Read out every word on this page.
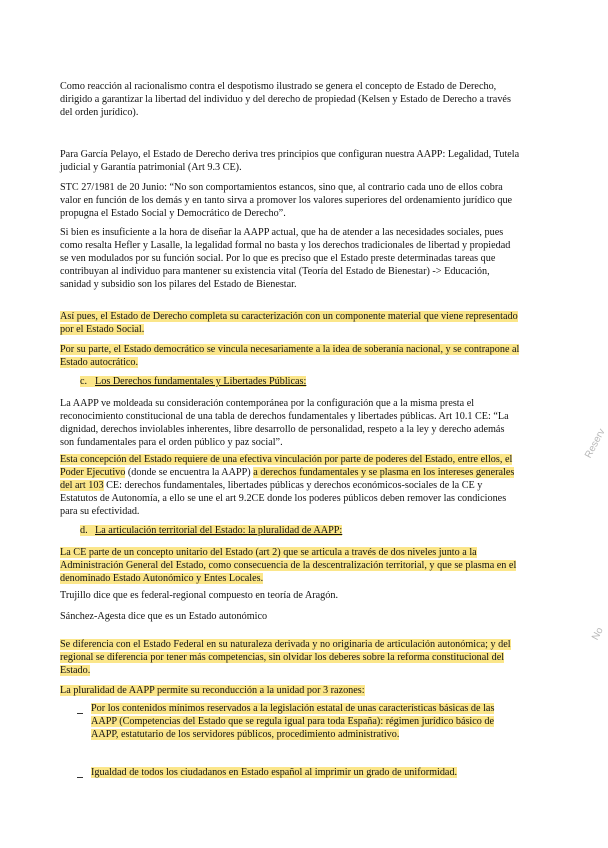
Como reacción al racionalismo contra el despotismo ilustrado se genera el concepto de Estado de Derecho, dirigido a garantizar la libertad del individuo y del derecho de propiedad (Kelsen y Estado de Derecho a través del orden jurídico).

Para García Pelayo, el Estado de Derecho deriva tres principios que configuran nuestra AAPP: Legalidad, Tutela judicial y Garantía patrimonial (Art 9.3 CE).

STC 27/1981 de 20 Junio: “No son comportamientos estancos, sino que, al contrario cada uno de ellos cobra valor en función de los demás y en tanto sirva a promover los valores superiores del ordenamiento jurídico que propugna el Estado Social y Democrático de Derecho”.

Si bien es insuficiente a la hora de diseñar la AAPP actual, que ha de atender a las necesidades sociales, pues como resalta Hefler y Lasalle, la legalidad formal no basta y los derechos tradicionales de libertad y propiedad se ven modulados por su función social. Por lo que es preciso que el Estado preste determinadas tareas que contribuyan al individuo para mantener su existencia vital (Teoría del Estado de Bienestar) -> Educación, sanidad y subsidio son los pilares del Estado de Bienestar.

Así pues, el Estado de Derecho completa su caracterización con un componente material que viene representado por el Estado Social.

Por su parte, el Estado democrático se vincula necesariamente a la idea de soberanía nacional, y se contrapone al Estado autocrático.

c. Los Derechos fundamentales y Libertades Públicas:

La AAPP ve moldeada su consideración contemporánea por la configuración que a la misma presta el reconocimiento constitucional de una tabla de derechos fundamentales y libertades públicas. Art 10.1 CE: “La dignidad, derechos inviolables inherentes, libre desarrollo de personalidad, respeto a la ley y derecho además son fundamentales para el orden público y paz social”.

Esta concepción del Estado requiere de una efectiva vinculación por parte de poderes del Estado, entre ellos, el Poder Ejecutivo (donde se encuentra la AAPP) a derechos fundamentales y se plasma en los intereses generales del art 103 CE: derechos fundamentales, libertades públicas y derechos económicos-sociales de la CE y Estatutos de Autonomía, a ello se une el art 9.2CE donde los poderes públicos deben remover las condiciones para su efectividad.

d. La articulación territorial del Estado: la pluralidad de AAPP:

La CE parte de un concepto unitario del Estado (art 2) que se articula a través de dos niveles junto a la Administración General del Estado, como consecuencia de la descentralización territorial, y que se plasma en el denominado Estado Autonómico y Entes Locales.

Trujillo dice que es federal-regional compuesto en teoría de Aragón.

Sánchez-Agesta dice que es un Estado autonómico

Se diferencia con el Estado Federal en su naturaleza derivada y no originaria de articulación autonómica; y del regional se diferencia por tener más competencias, sin olvidar los deberes sobre la reforma constitucional del Estado.

La pluralidad de AAPP permite su reconducción a la unidad por 3 razones:

Por los contenidos mínimos reservados a la legislación estatal de unas características básicas de las AAPP (Competencias del Estado que se regula igual para toda España): régimen jurídico básico de AAPP, estatutario de los servidores públicos, procedimiento administrativo.

Igualdad de todos los ciudadanos en Estado español al imprimir un grado de uniformidad.

Reserv
No
